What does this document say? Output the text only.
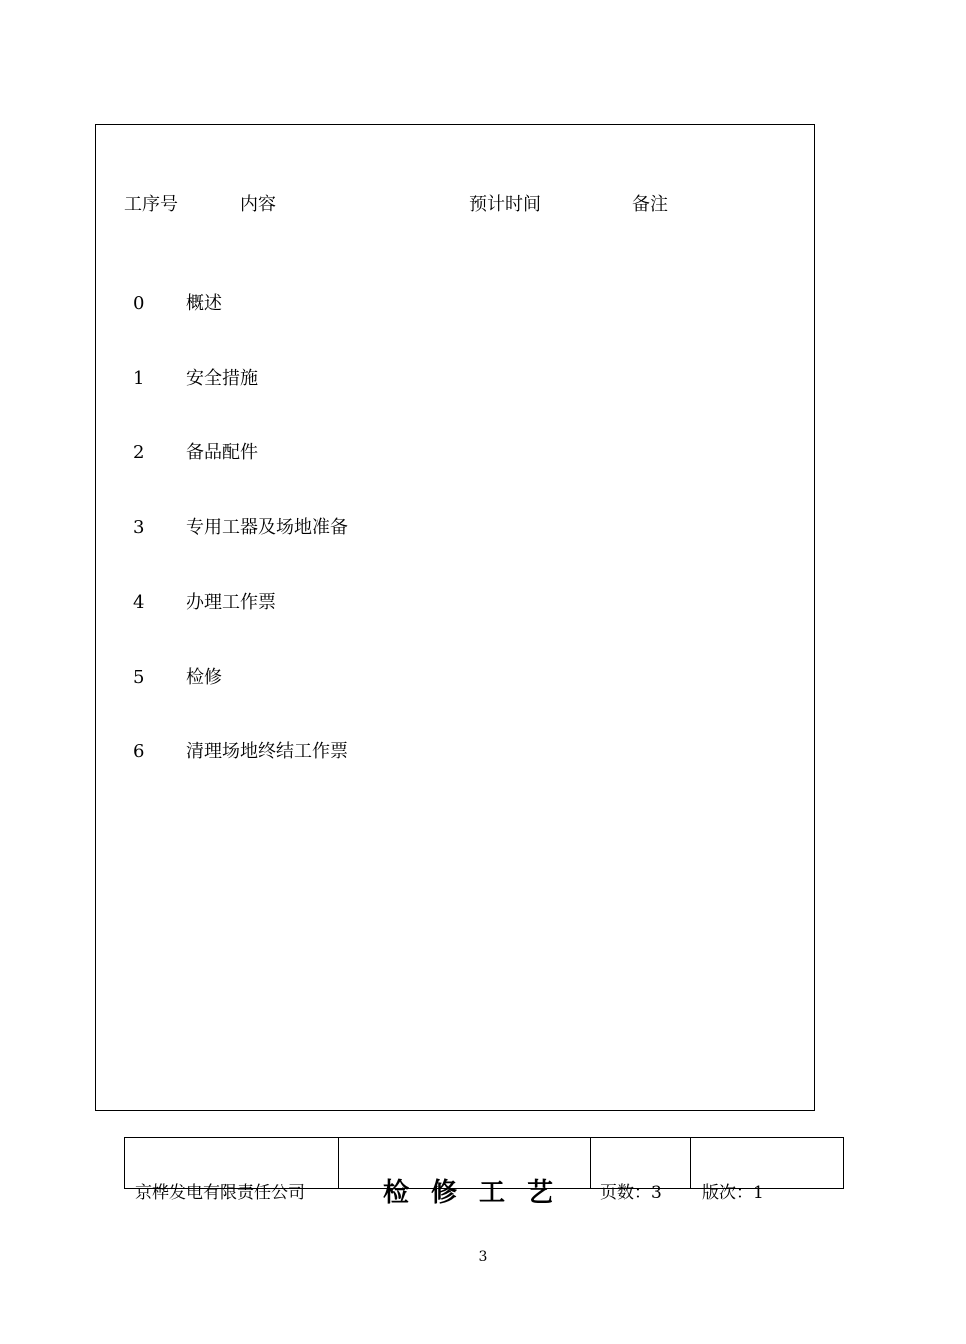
工序号	内容	预计时间	备注
0 概述
1 安全措施
2 备品配件
3 专用工器及场地准备
4 办理工作票
5 检修
6 清理场地终结工作票
京桦发电有限责任公司	检修工艺 页数：3 版次：1
3
